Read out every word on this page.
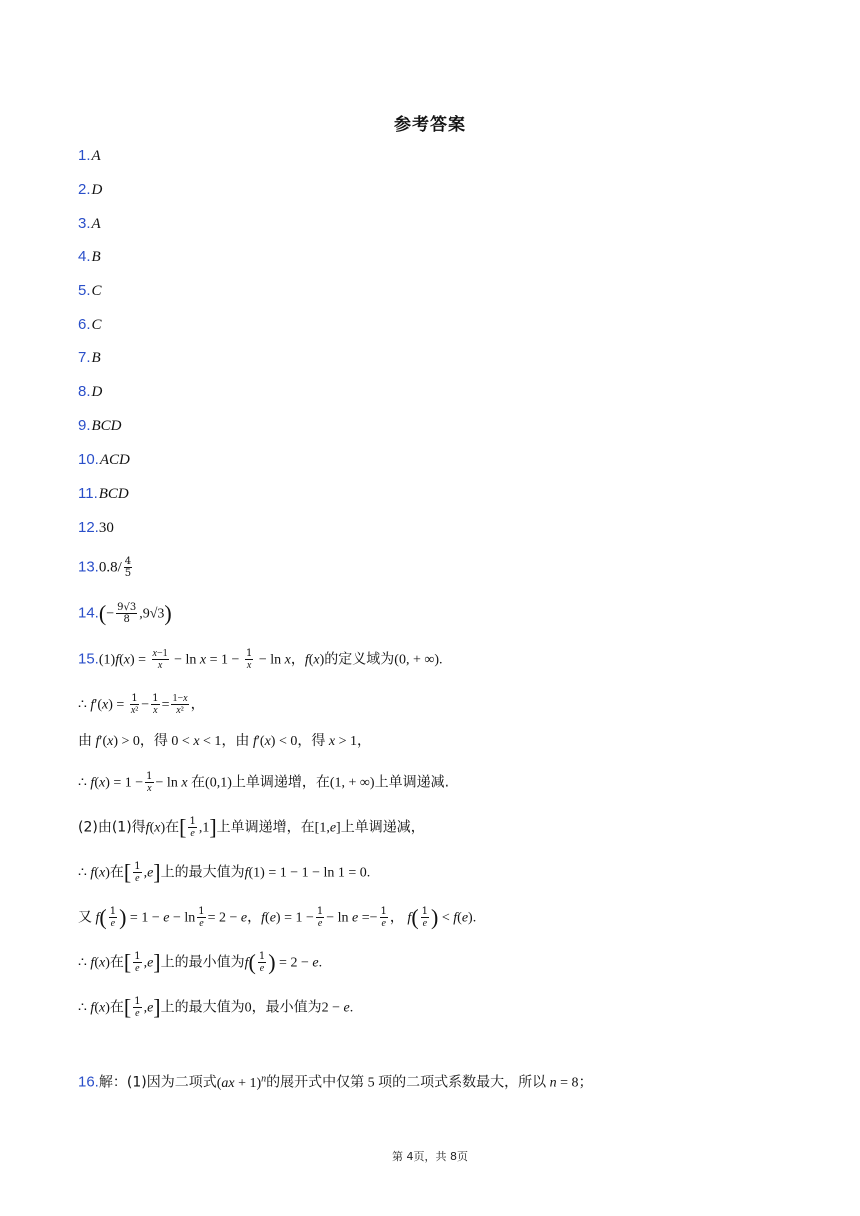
参考答案
1.A
2.D
3.A
4.B
5.C
6.C
7.B
8.D
9.BCD
10.ACD
11.BCD
12.30
$13.0.8/ \frac{4}{5}$
$14.(- \frac{9√3}{8} ,9√3)$
$15.(1)f(x) = \frac{x-1}{x} - \ln x = 1 - \frac{1}{x} - \ln x$，f(x)的定义域为(0, + ∞).
∴ $f'(x) = \frac{1}{\text{x²}} - \frac{1}{x} = \frac{1-x}{\text{x²}}$ ，
由 f′(x) > 0，得 0 < x < 1，由 f′(x) < 0，得 x > 1，
∴ $f(x) = 1 - \frac{1}{x} - \ln x$ 在(0,1)上单调递增，在(1, + ∞)上单调递减.
(2)由(1)得f(x)在[ $\frac{1}{e} ,1$]上单调递增，在[1,e]上单调递减，
∴ f(x)在[ $\frac{1}{e} ,e$]上的最大值为f(1) = 1 − 1 − ln 1 = 0.
又 $f( \frac{1}{e}$ ) = $1 - e - \ln \frac{1}{e} = 2 - e$，$f(e) = 1 - \frac{1}{e} - \ln e =- \frac{1}{e}$ ， $f( \frac{1}{e}$ ) < f(e).
∴ f(x)在[ $\frac{1}{e} ,e$]上的最小值为$f( \frac{1}{e}$ ) = 2 − e.
∴ f(x)在[ $\frac{1}{e} ,e$]上的最大值为0，最小值为2 − e.
16.解：(1)因为二项式(ax + 1)$^n$的展开式中仅第 5 项的二项式系数最大，所以 n = 8；
第 4页，共 8页
